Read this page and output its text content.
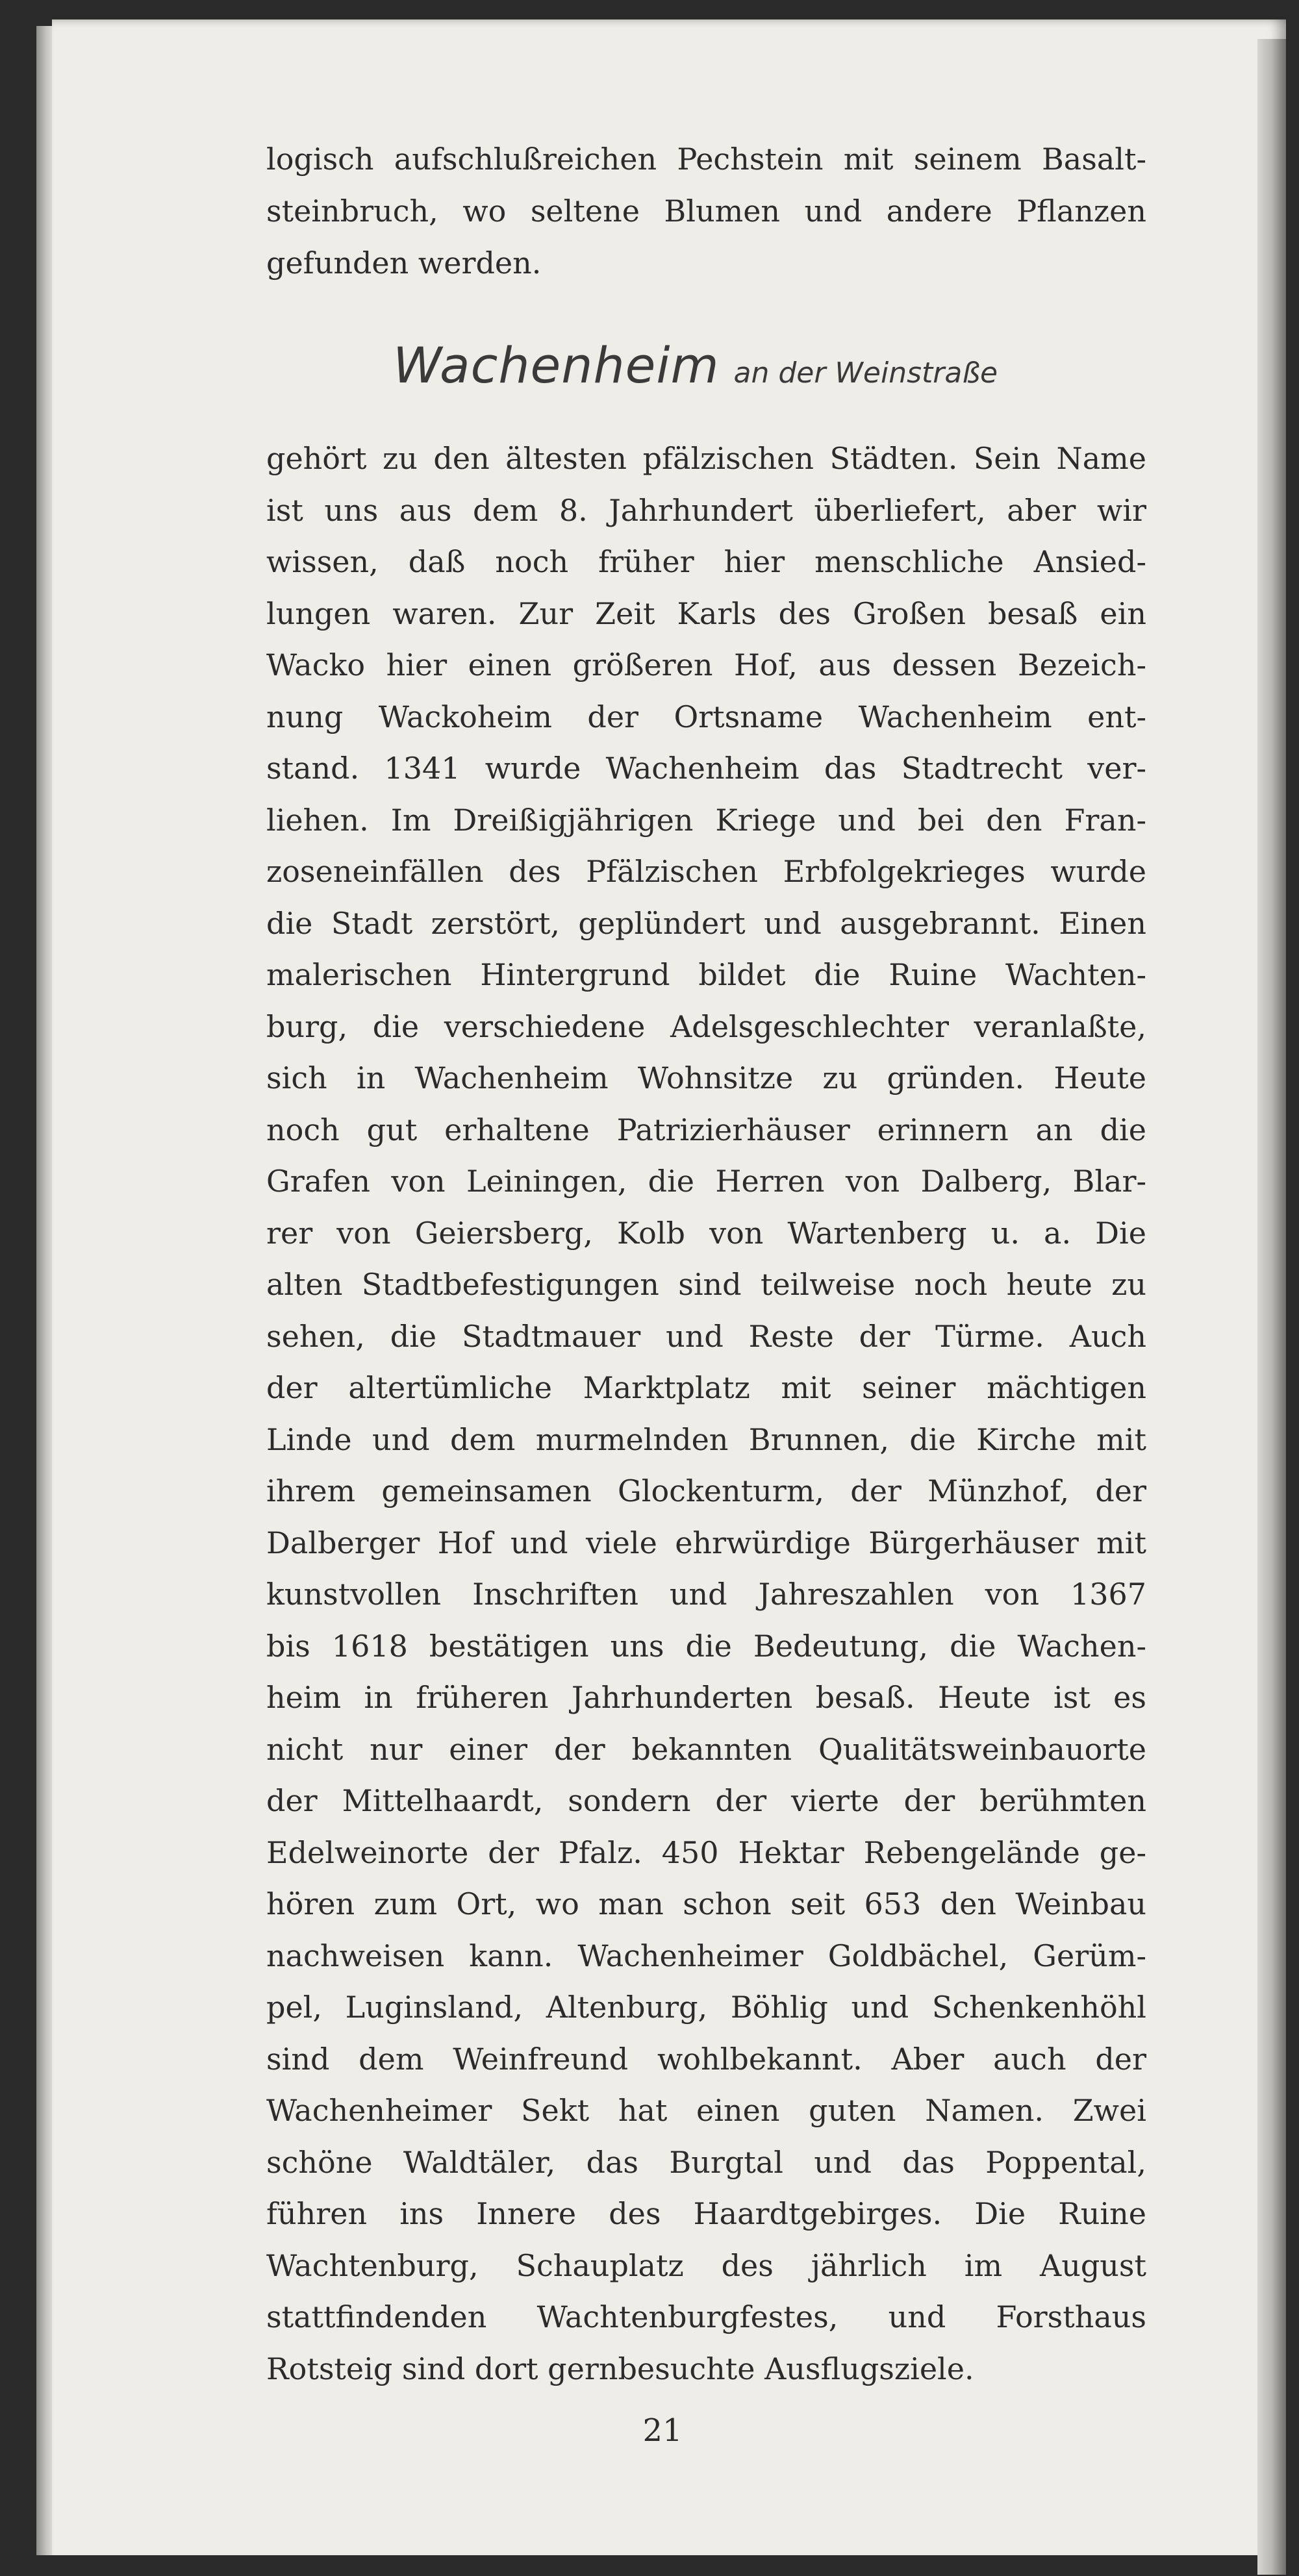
logisch aufschlußreichen Pechstein mit seinem Basalt-
steinbruch, wo seltene Blumen und andere Pflanzen
gefunden werden.
Wachenheim an der Weinstraße
gehört zu den ältesten pfälzischen Städten. Sein Name
ist uns aus dem 8. Jahrhundert überliefert, aber wir
wissen, daß noch früher hier menschliche Ansied-
lungen waren. Zur Zeit Karls des Großen besaß ein
Wacko hier einen größeren Hof, aus dessen Bezeich-
nung Wackoheim der Ortsname Wachenheim ent-
stand. 1341 wurde Wachenheim das Stadtrecht ver-
liehen. Im Dreißigjährigen Kriege und bei den Fran-
zoseneinfällen des Pfälzischen Erbfolgekrieges wurde
die Stadt zerstört, geplündert und ausgebrannt. Einen
malerischen Hintergrund bildet die Ruine Wachten-
burg, die verschiedene Adelsgeschlechter veranlaßte,
sich in Wachenheim Wohnsitze zu gründen. Heute
noch gut erhaltene Patrizierhäuser erinnern an die
Grafen von Leiningen, die Herren von Dalberg, Blar-
rer von Geiersberg, Kolb von Wartenberg u. a. Die
alten Stadtbefestigungen sind teilweise noch heute zu
sehen, die Stadtmauer und Reste der Türme. Auch
der altertümliche Marktplatz mit seiner mächtigen
Linde und dem murmelnden Brunnen, die Kirche mit
ihrem gemeinsamen Glockenturm, der Münzhof, der
Dalberger Hof und viele ehrwürdige Bürgerhäuser mit
kunstvollen Inschriften und Jahreszahlen von 1367
bis 1618 bestätigen uns die Bedeutung, die Wachen-
heim in früheren Jahrhunderten besaß. Heute ist es
nicht nur einer der bekannten Qualitätsweinbauorte
der Mittelhaardt, sondern der vierte der berühmten
Edelweinorte der Pfalz. 450 Hektar Rebengelände ge-
hören zum Ort, wo man schon seit 653 den Weinbau
nachweisen kann. Wachenheimer Goldbächel, Gerüm-
pel, Luginsland, Altenburg, Böhlig und Schenkenhöhl
sind dem Weinfreund wohlbekannt. Aber auch der
Wachenheimer Sekt hat einen guten Namen. Zwei
schöne Waldtäler, das Burgtal und das Poppental,
führen ins Innere des Haardtgebirges. Die Ruine
Wachtenburg, Schauplatz des jährlich im August
stattfindenden Wachtenburgfestes, und Forsthaus
Rotsteig sind dort gernbesuchte Ausflugsziele.
21
